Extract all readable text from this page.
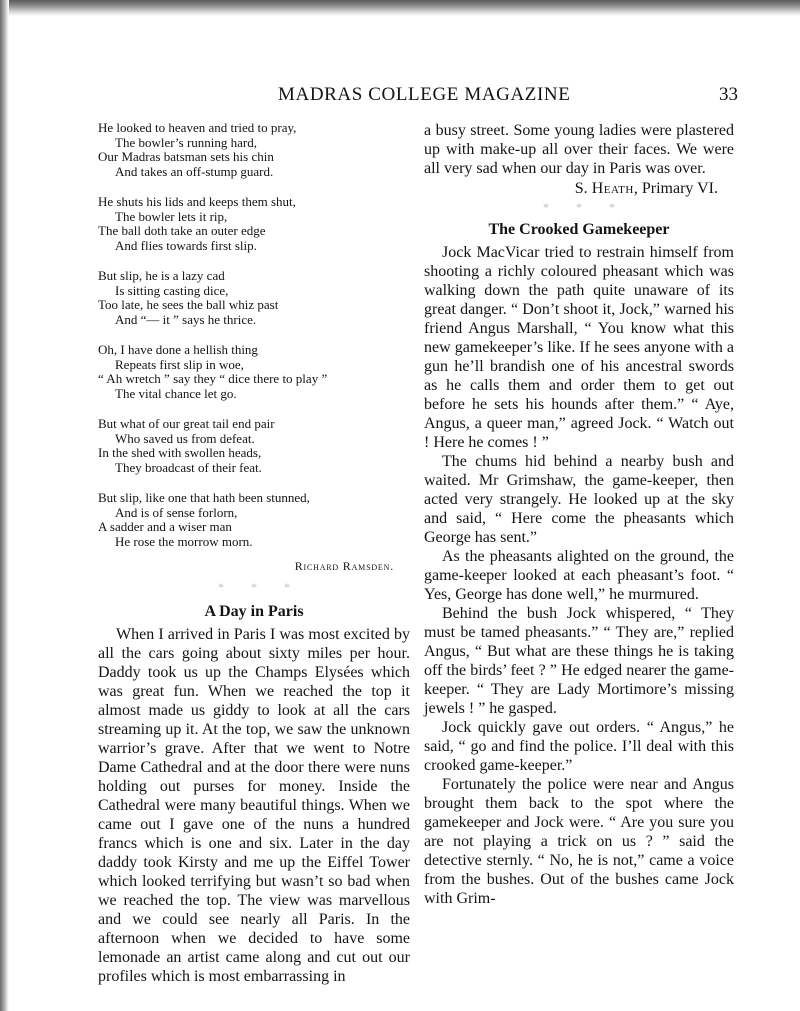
MADRAS COLLEGE MAGAZINE	33
He looked to heaven and tried to pray,
The bowler’s running hard,
Our Madras batsman sets his chin
And takes an off-stump guard.
He shuts his lids and keeps them shut,
The bowler lets it rip,
The ball doth take an outer edge
And flies towards first slip.
But slip, he is a lazy cad
Is sitting casting dice,
Too late, he sees the ball whiz past
And “— it ” says he thrice.
Oh, I have done a hellish thing
Repeats first slip in woe,
“ Ah wretch ” say they “ dice there to play ”
The vital chance let go.
But what of our great tail end pair
Who saved us from defeat.
In the shed with swollen heads,
They broadcast of their feat.
But slip, like one that hath been stunned,
And is of sense forlorn,
A sadder and a wiser man
He rose the morrow morn.
Richard Ramsden.
* * *
A Day in Paris

When I arrived in Paris I was most excited by all the cars going about sixty miles per hour. Daddy took us up the Champs Elysées which was great fun. When we reached the top it almost made us giddy to look at all the cars streaming up it. At the top, we saw the unknown warrior’s grave. After that we went to Notre Dame Cathedral and at the door there were nuns holding out purses for money. Inside the Cathedral were many beautiful things. When we came out I gave one of the nuns a hundred francs which is one and six. Later in the day daddy took Kirsty and me up the Eiffel Tower which looked terrifying but wasn’t so bad when we reached the top. The view was marvellous and we could see nearly all Paris. In the afternoon when we decided to have some lemonade an artist came along and cut out our profiles which is most embarrassing in

a busy street. Some young ladies were plastered up with make-up all over their faces. We were all very sad when our day in Paris was over.

S. Heath, Primary VI.
* * *
The Crooked Gamekeeper

Jock MacVicar tried to restrain himself from shooting a richly coloured pheasant which was walking down the path quite unaware of its great danger. “ Don’t shoot it, Jock,” warned his friend Angus Marshall, “ You know what this new gamekeeper’s like. If he sees anyone with a gun he’ll brandish one of his ancestral swords as he calls them and order them to get out before he sets his hounds after them.” “ Aye, Angus, a queer man,” agreed Jock. “ Watch out ! Here he comes ! ”

The chums hid behind a nearby bush and waited. Mr Grimshaw, the game-keeper, then acted very strangely. He looked up at the sky and said, “ Here come the pheasants which George has sent.”

As the pheasants alighted on the ground, the game-keeper looked at each pheasant’s foot. “ Yes, George has done well,” he murmured.

Behind the bush Jock whispered, “ They must be tamed pheasants.” “ They are,” replied Angus, “ But what are these things he is taking off the birds’ feet ? ” He edged nearer the game-keeper. “ They are Lady Mortimore’s missing jewels ! ” he gasped.

Jock quickly gave out orders. “ Angus,” he said, “ go and find the police. I’ll deal with this crooked game-keeper.”

Fortunately the police were near and Angus brought them back to the spot where the gamekeeper and Jock were. “ Are you sure you are not playing a trick on us ? ” said the detective sternly. “ No, he is not,” came a voice from the bushes. Out of the bushes came Jock with Grim-
